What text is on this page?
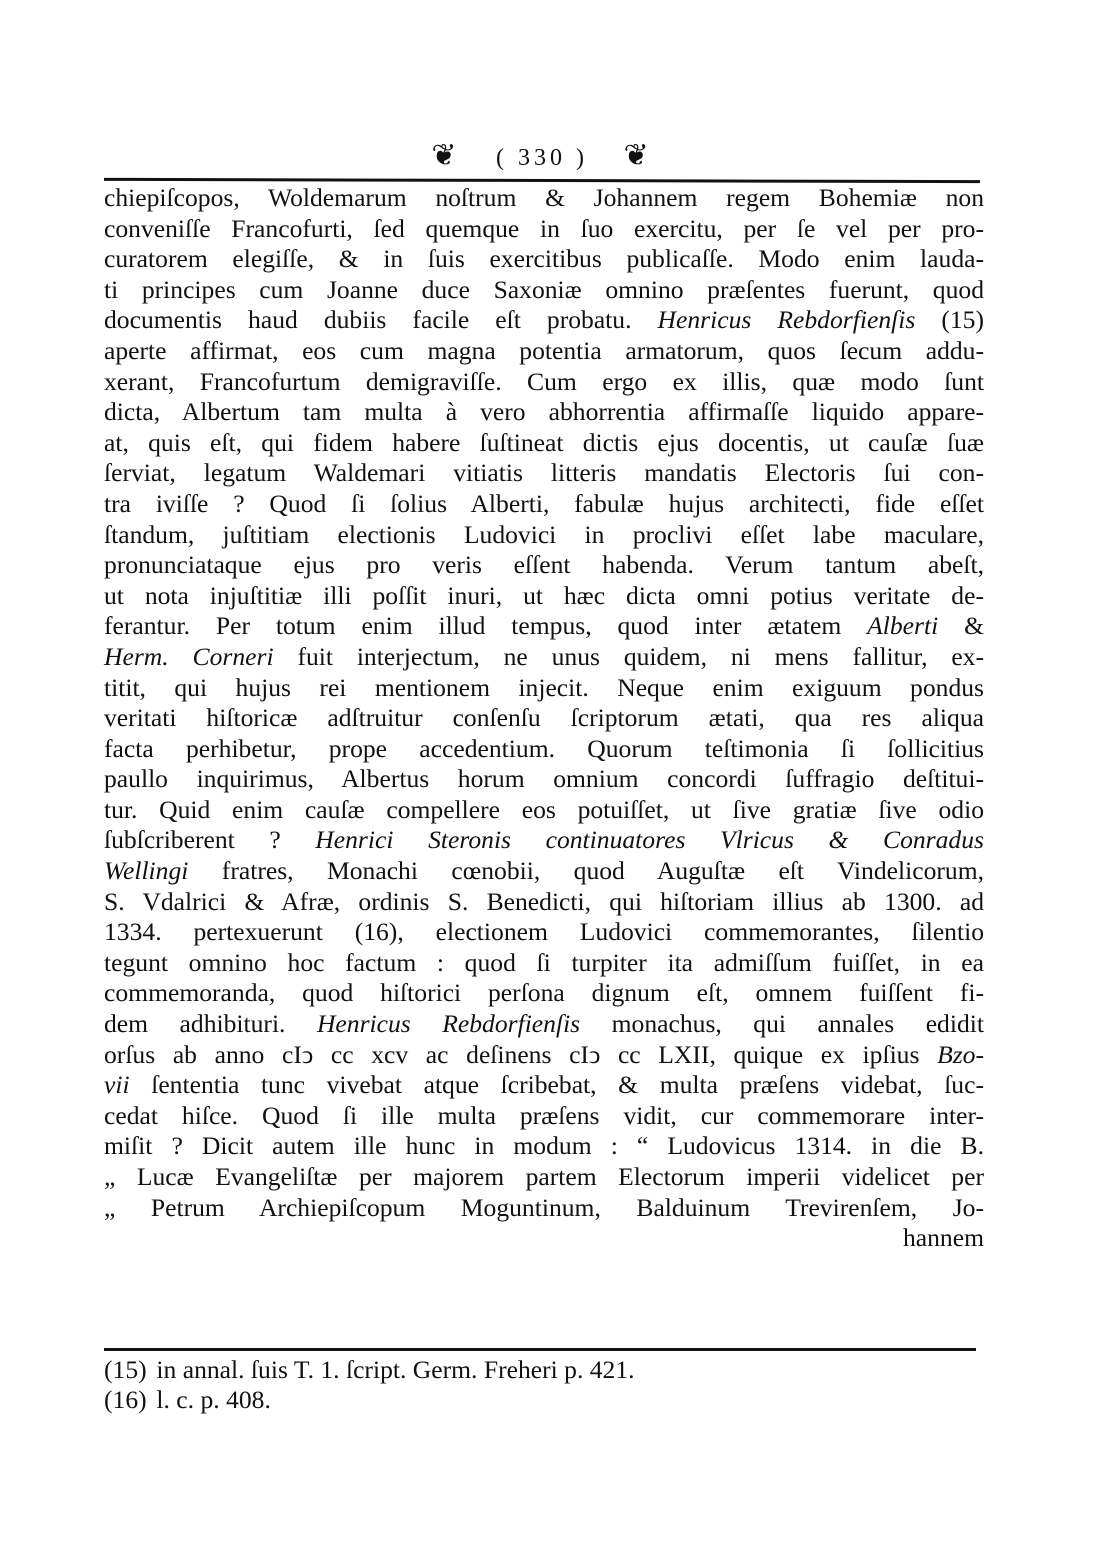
❦ ( 330 ) ❦
chiepiſcopos, Woldemarum noſtrum & Johannem regem Bohemiæ non
conveniſſe Francofurti, ſed quemque in ſuo exercitu, per ſe vel per pro-
curatorem elegiſſe, & in ſuis exercitibus publicaſſe. Modo enim lauda-
ti principes cum Joanne duce Saxoniæ omnino præſentes fuerunt, quod
documentis haud dubiis facile eſt probatu. Henricus Rebdorfienſis (15)
aperte affirmat, eos cum magna potentia armatorum, quos ſecum addu-
xerant, Francofurtum demigraviſſe. Cum ergo ex illis, quæ modo ſunt
dicta, Albertum tam multa à vero abhorrentia affirmaſſe liquido appare-
at, quis eſt, qui fidem habere ſuſtineat dictis ejus docentis, ut cauſæ ſuæ
ſerviat, legatum Waldemari vitiatis litteris mandatis Electoris ſui con-
tra iviſſe ? Quod ſi ſolius Alberti, fabulæ hujus architecti, fide eſſet
ſtandum, juſtitiam electionis Ludovici in proclivi eſſet labe maculare,
pronunciataque ejus pro veris eſſent habenda. Verum tantum abeſt,
ut nota injuſtitiæ illi poſſit inuri, ut hæc dicta omni potius veritate de-
ferantur. Per totum enim illud tempus, quod inter ætatem Alberti &
Herm. Corneri fuit interjectum, ne unus quidem, ni mens fallitur, ex-
titit, qui hujus rei mentionem injecit. Neque enim exiguum pondus
veritati hiſtoricæ adſtruitur conſenſu ſcriptorum ætati, qua res aliqua
facta perhibetur, prope accedentium. Quorum teſtimonia ſi ſollicitius
paullo inquirimus, Albertus horum omnium concordi ſuffragio deſtitui-
tur. Quid enim cauſæ compellere eos potuiſſet, ut ſive gratiæ ſive odio
ſubſcriberent ? Henrici Steronis continuatores Vlricus & Conradus
Wellingi fratres, Monachi cœnobii, quod Auguſtæ eſt Vindelicorum,
S. Vdalrici & Afræ, ordinis S. Benedicti, qui hiſtoriam illius ab 1300. ad
1334. pertexuerunt (16), electionem Ludovici commemorantes, ſilentio
tegunt omnino hoc factum : quod ſi turpiter ita admiſſum fuiſſet, in ea
commemoranda, quod hiſtorici perſona dignum eſt, omnem fuiſſent fi-
dem adhibituri. Henricus Rebdorfienſis monachus, qui annales edidit
orſus ab anno cIↄ cc xcv ac deſinens cIↄ cc LXII, quique ex ipſius Bzo-
vii ſententia tunc vivebat atque ſcribebat, & multa præſens videbat, ſuc-
cedat hiſce. Quod ſi ille multa præſens vidit, cur commemorare inter-
miſit ? Dicit autem ille hunc in modum : “ Ludovicus 1314. in die B.
„ Lucæ Evangeliſtæ per majorem partem Electorum imperii videlicet per
„ Petrum Archiepiſcopum Moguntinum, Balduinum Trevirenſem, Jo-
hannem
(15) in annal. ſuis T. 1. ſcript. Germ. Freheri p. 421.
(16) l. c. p. 408.
